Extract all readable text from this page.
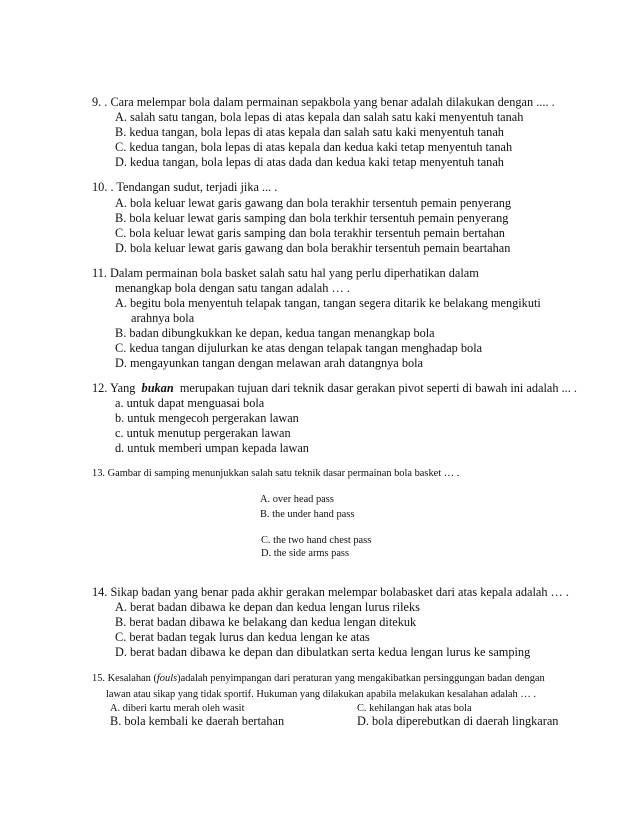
9. . Cara melempar bola dalam permainan sepakbola yang benar adalah dilakukan dengan .... .
A. salah satu tangan, bola lepas di atas kepala dan salah satu kaki menyentuh tanah
B. kedua tangan, bola lepas di atas kepala dan salah satu kaki menyentuh tanah
C. kedua tangan, bola lepas di atas kepala dan kedua kaki tetap menyentuh tanah
D. kedua tangan, bola lepas di atas dada dan kedua kaki tetap menyentuh tanah
10. . Tendangan sudut, terjadi jika ... .
A. bola keluar lewat garis gawang dan bola terakhir tersentuh pemain penyerang
B. bola keluar lewat garis samping dan bola terkhir tersentuh pemain penyerang
C. bola keluar lewat garis samping dan bola terakhir tersentuh pemain bertahan
D. bola keluar lewat garis gawang dan bola berakhir tersentuh pemain beartahan
11. Dalam permainan bola basket salah satu hal yang perlu diperhatikan dalam
menangkap bola dengan satu tangan adalah … .
A. begitu bola menyentuh telapak tangan, tangan segera ditarik ke belakang mengikuti
arahnya bola
B. badan dibungkukkan ke depan, kedua tangan menangkap bola
C. kedua tangan dijulurkan ke atas dengan telapak tangan menghadap bola
D. mengayunkan tangan dengan melawan arah datangnya bola
12. Yang  bukan  merupakan tujuan dari teknik dasar gerakan pivot seperti di bawah ini adalah ... .
a. untuk dapat menguasai bola
b. untuk mengecoh pergerakan lawan
c. untuk menutup pergerakan lawan
d. untuk memberi umpan kepada lawan
13. Gambar di samping menunjukkan salah satu teknik dasar permainan bola basket … .
A. over head pass
B. the under hand pass
C. the two hand chest pass
D. the side arms pass
14. Sikap badan yang benar pada akhir gerakan melempar bolabasket dari atas kepala adalah … .
A. berat badan dibawa ke depan dan kedua lengan lurus rileks
B. berat badan dibawa ke belakang dan kedua lengan ditekuk
C. berat badan tegak lurus dan kedua lengan ke atas
D. berat badan dibawa ke depan dan dibulatkan serta kedua lengan lurus ke samping
15. Kesalahan (fouls)adalah penyimpangan dari peraturan yang mengakibatkan persinggungan badan dengan
lawan atau sikap yang tidak sportif. Hukuman yang dilakukan apabila melakukan kesalahan adalah … .
A. diberi kartu merah oleh wasit	C. kehilangan hak atas bola
B. bola kembali ke daerah bertahan	D. bola diperebutkan di daerah lingkaran
